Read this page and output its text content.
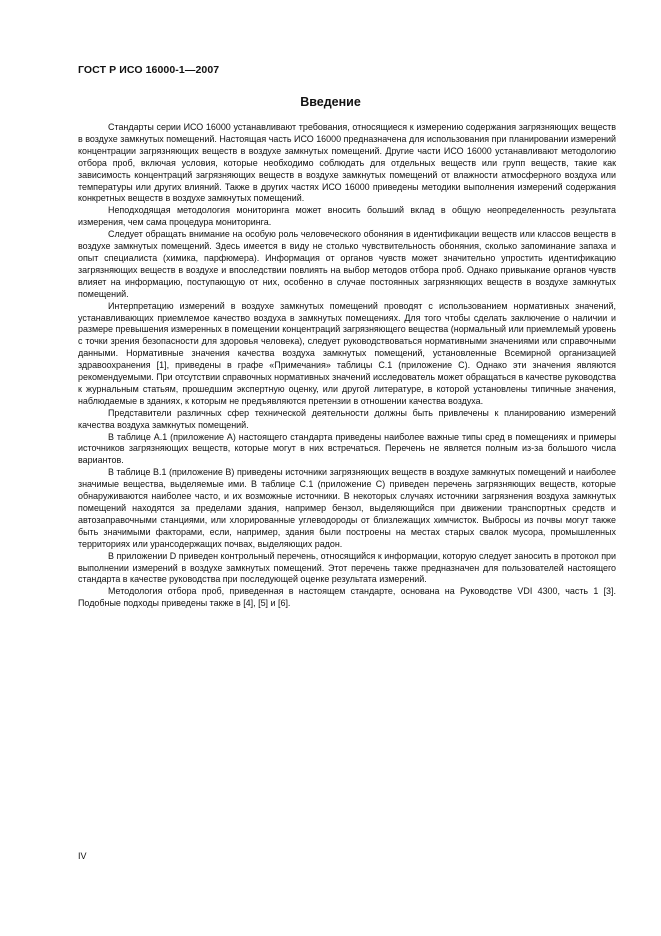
ГОСТ Р ИСО 16000-1—2007
Введение

Стандарты серии ИСО 16000 устанавливают требования, относящиеся к измерению содержания загрязняющих веществ в воздухе замкнутых помещений. Настоящая часть ИСО 16000 предназначена для использования при планировании измерений концентрации загрязняющих веществ в воздухе замкнутых помещений. Другие части ИСО 16000 устанавливают методологию отбора проб, включая условия, которые необходимо соблюдать для отдельных веществ или групп веществ, такие как зависимость концентраций загрязняющих веществ в воздухе замкнутых помещений от влажности атмосферного воздуха или температуры или других влияний. Также в других частях ИСО 16000 приведены методики выполнения измерений содержания конкретных веществ в воздухе замкнутых помещений.

Неподходящая методология мониторинга может вносить больший вклад в общую неопределенность результата измерения, чем сама процедура мониторинга.

Следует обращать внимание на особую роль человеческого обоняния в идентификации веществ или классов веществ в воздухе замкнутых помещений. Здесь имеется в виду не столько чувствительность обоняния, сколько запоминание запаха и опыт специалиста (химика, парфюмера). Информация от органов чувств может значительно упростить идентификацию загрязняющих веществ в воздухе и впоследствии повлиять на выбор методов отбора проб. Однако привыкание органов чувств влияет на информацию, поступающую от них, особенно в случае постоянных загрязняющих веществ в воздухе замкнутых помещений.

Интерпретацию измерений в воздухе замкнутых помещений проводят с использованием нормативных значений, устанавливающих приемлемое качество воздуха в замкнутых помещениях. Для того чтобы сделать заключение о наличии и размере превышения измеренных в помещении концентраций загрязняющего вещества (нормальный или приемлемый уровень с точки зрения безопасности для здоровья человека), следует руководствоваться нормативными значениями или справочными данными. Нормативные значения качества воздуха замкнутых помещений, установленные Всемирной организацией здравоохранения [1], приведены в графе «Примечания» таблицы С.1 (приложение С). Однако эти значения являются рекомендуемыми. При отсутствии справочных нормативных значений исследователь может обращаться в качестве руководства к журнальным статьям, прошедшим экспертную оценку, или другой литературе, в которой установлены типичные значения, наблюдаемые в зданиях, к которым не предъявляются претензии в отношении качества воздуха.

Представители различных сфер технической деятельности должны быть привлечены к планированию измерений качества воздуха замкнутых помещений.

В таблице А.1 (приложение А) настоящего стандарта приведены наиболее важные типы сред в помещениях и примеры источников загрязняющих веществ, которые могут в них встречаться. Перечень не является полным из-за большого числа вариантов.

В таблице В.1 (приложение В) приведены источники загрязняющих веществ в воздухе замкнутых помещений и наиболее значимые вещества, выделяемые ими. В таблице С.1 (приложение С) приведен перечень загрязняющих веществ, которые обнаруживаются наиболее часто, и их возможные источники. В некоторых случаях источники загрязнения воздуха замкнутых помещений находятся за пределами здания, например бензол, выделяющийся при движении транспортных средств и автозаправочными станциями, или хлорированные углеводороды от близлежащих химчисток. Выбросы из почвы могут также быть значимыми факторами, если, например, здания были построены на местах старых свалок мусора, промышленных территориях или урансодержащих почвах, выделяющих радон.

В приложении D приведен контрольный перечень, относящийся к информации, которую следует заносить в протокол при выполнении измерений в воздухе замкнутых помещений. Этот перечень также предназначен для пользователей настоящего стандарта в качестве руководства при последующей оценке результата измерений.

Методология отбора проб, приведенная в настоящем стандарте, основана на Руководстве VDI 4300, часть 1 [3]. Подобные подходы приведены также в [4], [5] и [6].

IV
